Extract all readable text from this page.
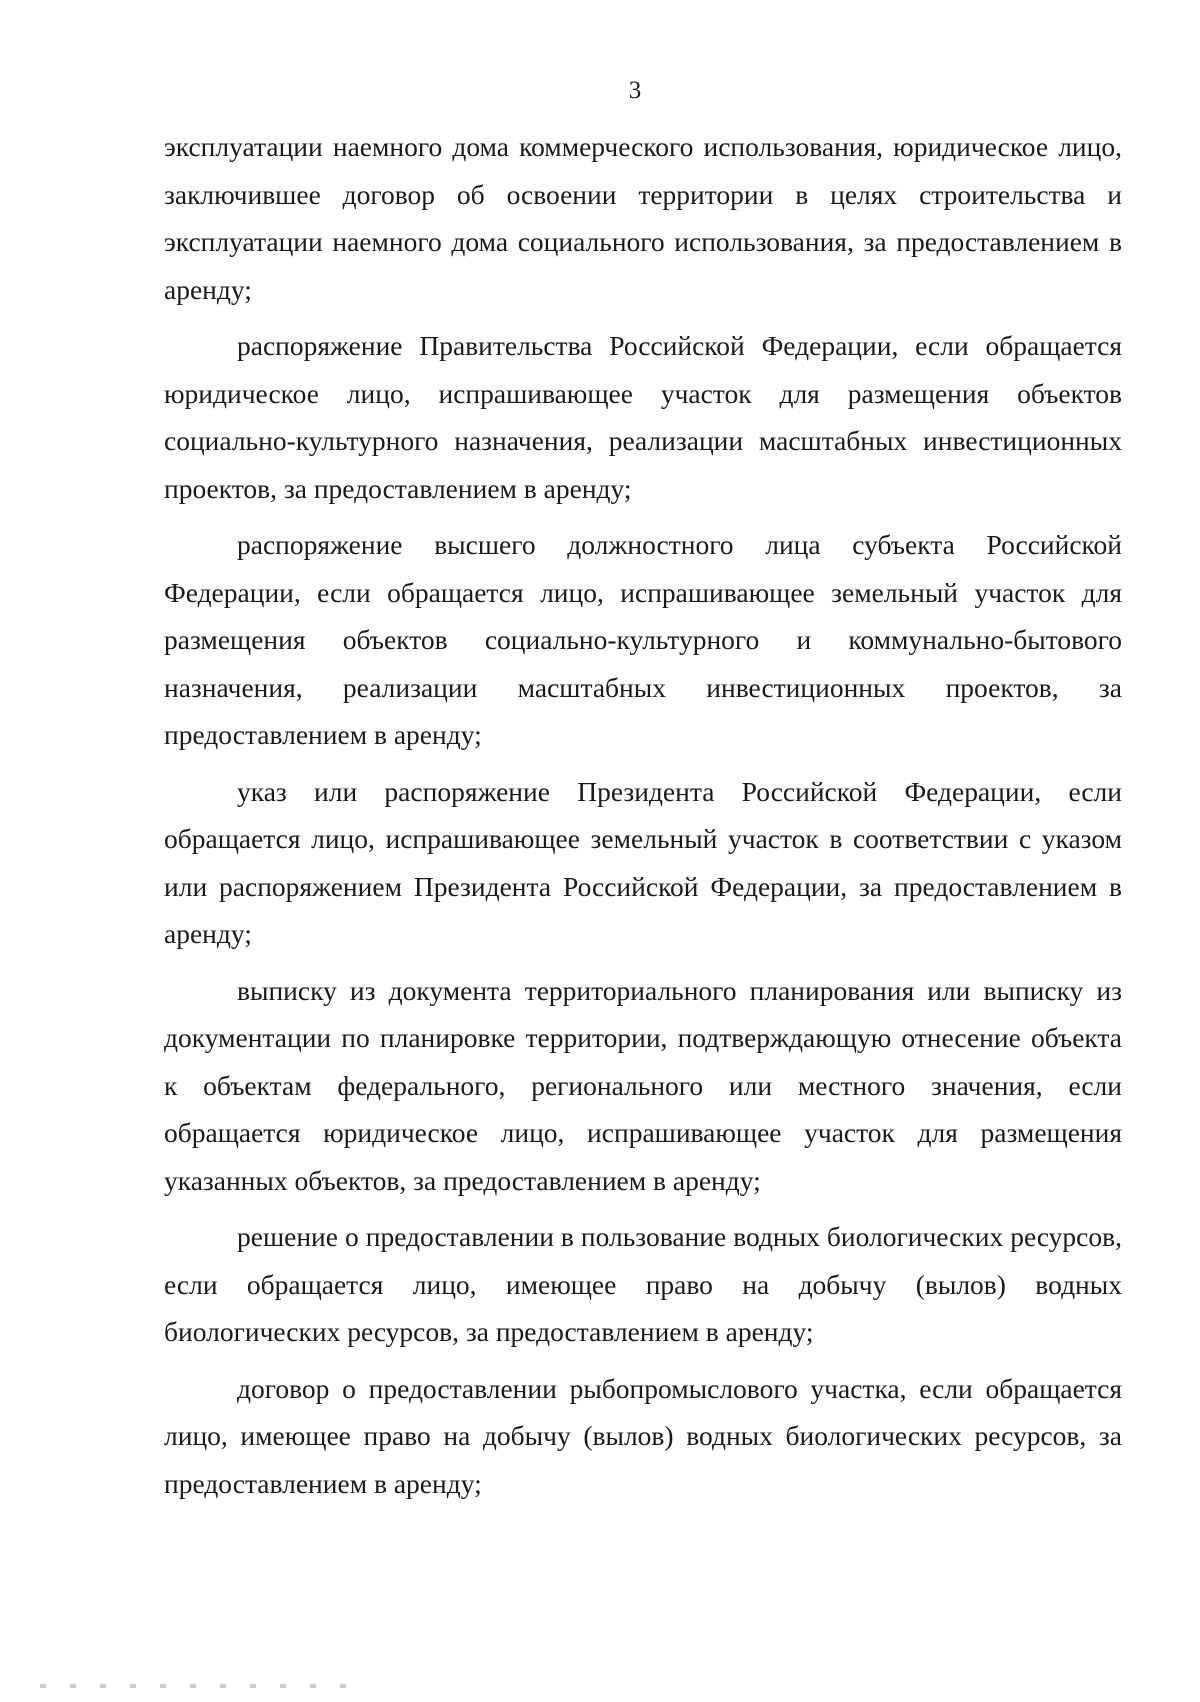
3

эксплуатации наемного дома коммерческого использования, юридическое лицо, заключившее договор об освоении территории в целях строительства и эксплуатации наемного дома социального использования, за предоставлением в аренду;

распоряжение Правительства Российской Федерации, если обращается юридическое лицо, испрашивающее участок для размещения объектов социально-культурного назначения, реализации масштабных инвестиционных проектов, за предоставлением в аренду;

распоряжение высшего должностного лица субъекта Российской Федерации, если обращается лицо, испрашивающее земельный участок для размещения объектов социально-культурного и коммунально-бытового назначения, реализации масштабных инвестиционных проектов, за предоставлением в аренду;

указ или распоряжение Президента Российской Федерации, если обращается лицо, испрашивающее земельный участок в соответствии с указом или распоряжением Президента Российской Федерации, за предоставлением в аренду;

выписку из документа территориального планирования или выписку из документации по планировке территории, подтверждающую отнесение объекта к объектам федерального, регионального или местного значения, если обращается юридическое лицо, испрашивающее участок для размещения указанных объектов, за предоставлением в аренду;

решение о предоставлении в пользование водных биологических ресурсов, если обращается лицо, имеющее право на добычу (вылов) водных биологических ресурсов, за предоставлением в аренду;

договор о предоставлении рыбопромыслового участка, если обращается лицо, имеющее право на добычу (вылов) водных биологических ресурсов, за предоставлением в аренду;
